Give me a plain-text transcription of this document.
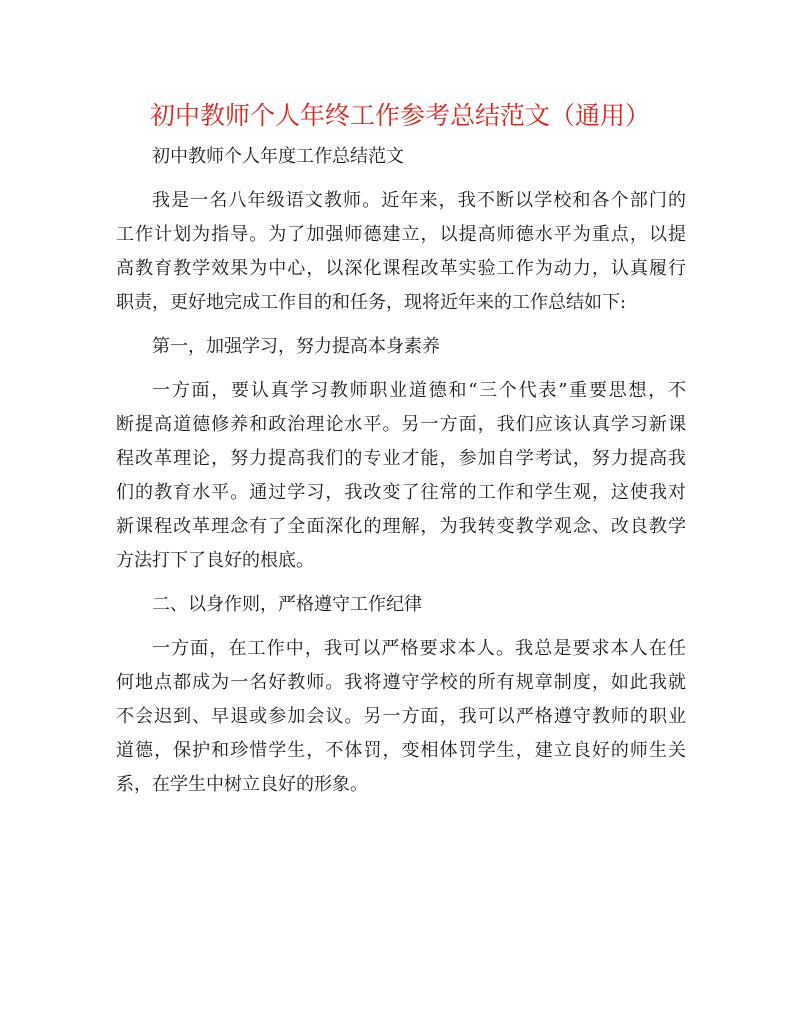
初中教师个人年终工作参考总结范文（通用）

初中教师个人年度工作总结范文

我是一名八年级语文教师。近年来，我不断以学校和各个部门的
工作计划为指导。为了加强师德建立，以提高师德水平为重点，以提
高教育教学效果为中心，以深化课程改革实验工作为动力，认真履行
职责，更好地完成工作目的和任务，现将近年来的工作总结如下:

第一，加强学习，努力提高本身素养

一方面，要认真学习教师职业道德和“三个代表”重要思想，不
断提高道德修养和政治理论水平。另一方面，我们应该认真学习新课
程改革理论，努力提高我们的专业才能，参加自学考试，努力提高我
们的教育水平。通过学习，我改变了往常的工作和学生观，这使我对
新课程改革理念有了全面深化的理解，为我转变教学观念、改良教学
方法打下了良好的根底。

二、以身作则，严格遵守工作纪律

一方面，在工作中，我可以严格要求本人。我总是要求本人在任
何地点都成为一名好教师。我将遵守学校的所有规章制度，如此我就
不会迟到、早退或参加会议。另一方面，我可以严格遵守教师的职业
道德，保护和珍惜学生，不体罚，变相体罚学生，建立良好的师生关
系，在学生中树立良好的形象。
